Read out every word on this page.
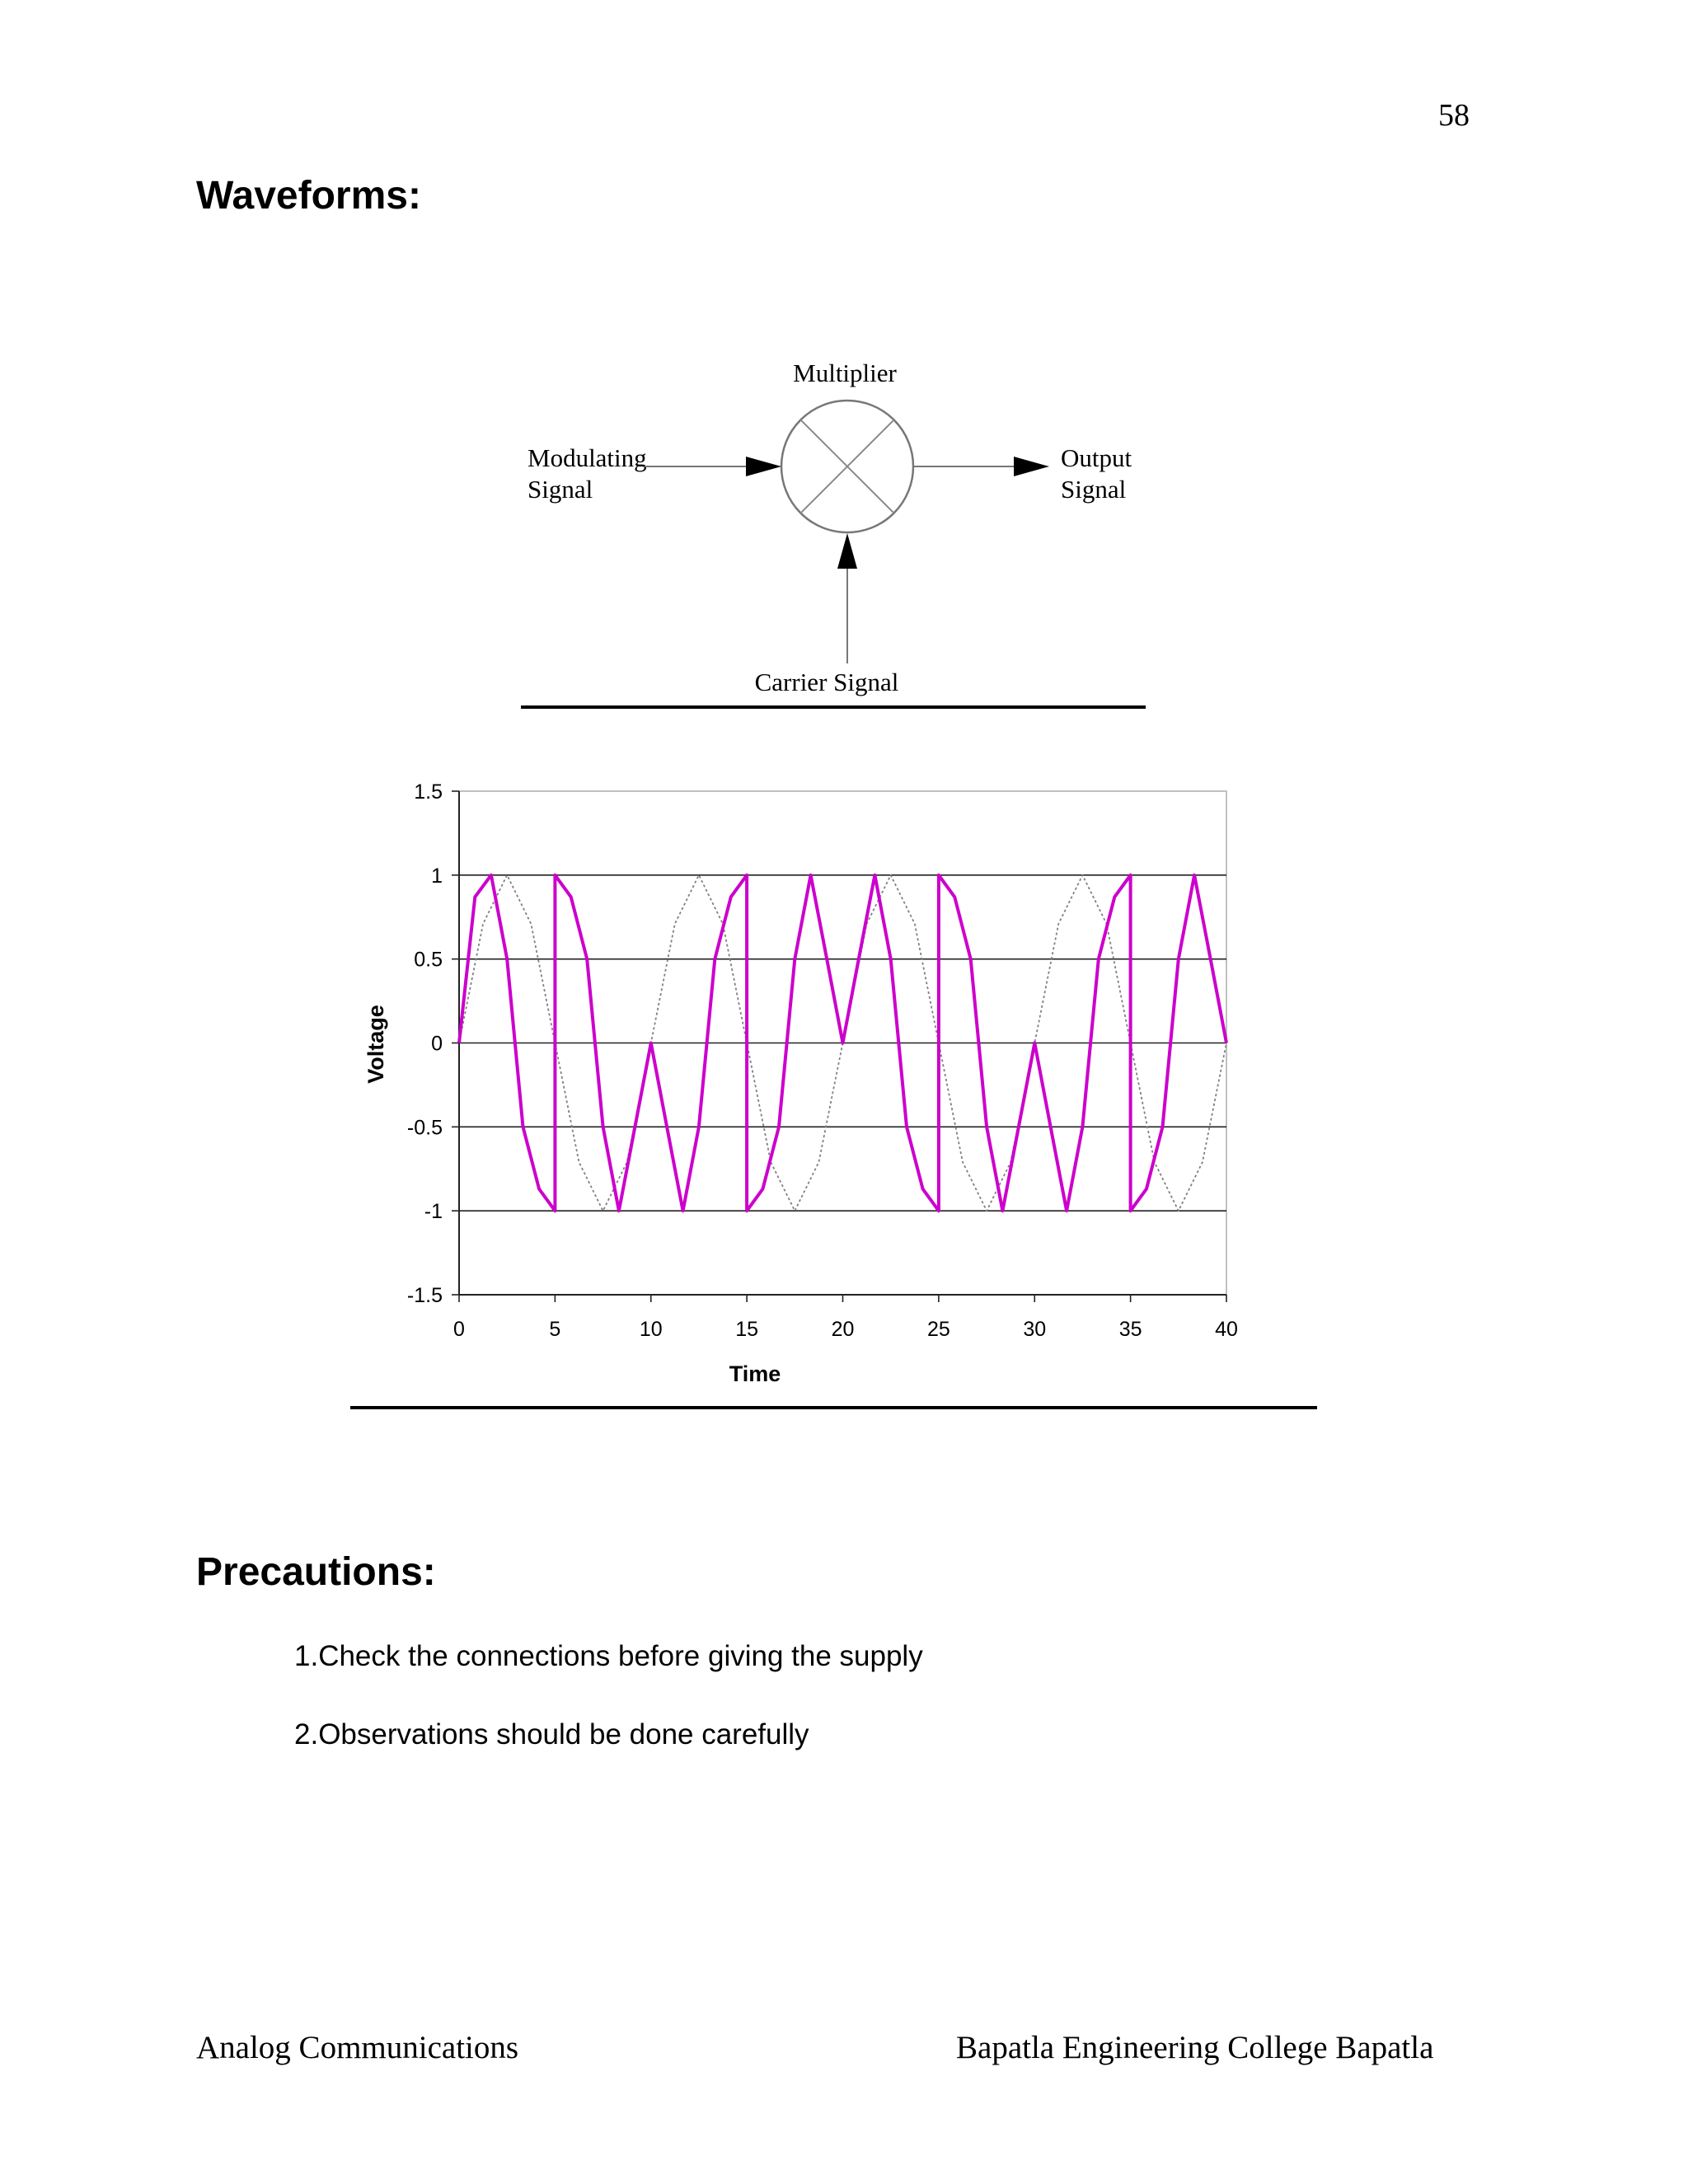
58
Waveforms:
Multiplier
Modulating
Signal
Output
Signal
Carrier Signal
1.5
1
0.5
0
-0.5
-1
-1.5
0	5	10	15	20	25	30	35	40
Time
Voltage
Precautions:
1.Check the connections before giving the supply
2.Observations should be done carefully
Analog Communications	Bapatla Engineering College Bapatla
